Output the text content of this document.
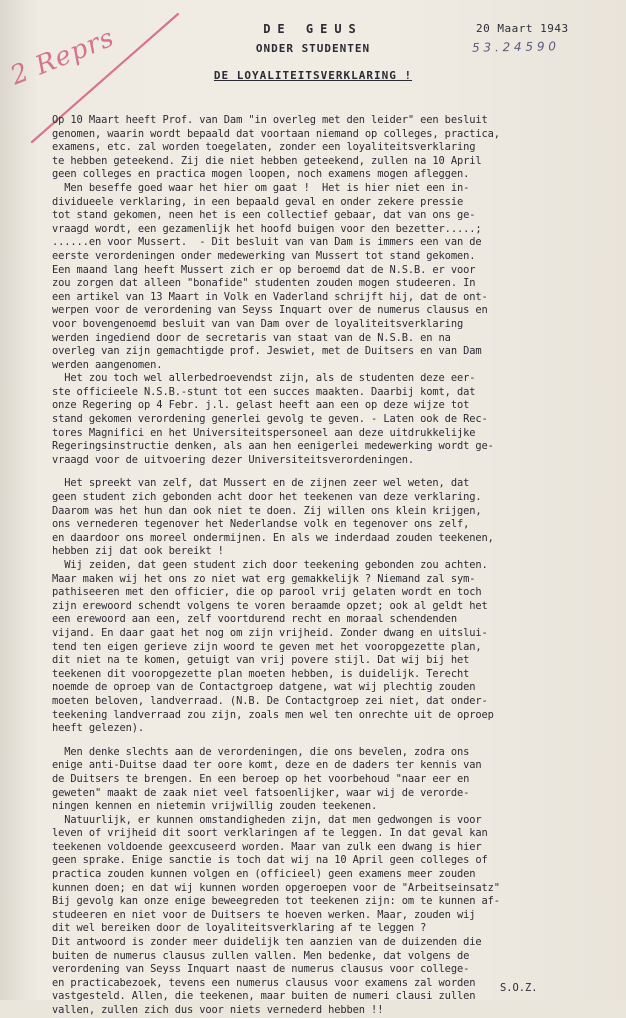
DE GEUS
ONDER STUDENTEN
DE LOYALITEITSVERKLARING !
20 Maart 1943
5 3 . 2 4 5 9 0
2 Reprs
Op 10 Maart heeft Prof. van Dam "in overleg met den leider" een besluit
genomen, waarin wordt bepaald dat voortaan niemand op colleges, practica,
examens, etc. zal worden toegelaten, zonder een loyaliteitsverklaring
te hebben geteekend. Zij die niet hebben geteekend, zullen na 10 April
geen colleges en practica mogen loopen, noch examens mogen afleggen.
Men beseffe goed waar het hier om gaat !  Het is hier niet een in-
dividueele verklaring, in een bepaald geval en onder zekere pressie
tot stand gekomen, neen het is een collectief gebaar, dat van ons ge-
vraagd wordt, een gezamenlijk het hoofd buigen voor den bezetter.....;
......en voor Mussert.  - Dit besluit van van Dam is immers een van de
eerste verordeningen onder medewerking van Mussert tot stand gekomen.
Een maand lang heeft Mussert zich er op beroemd dat de N.S.B. er voor
zou zorgen dat alleen "bonafide" studenten zouden mogen studeeren. In
een artikel van 13 Maart in Volk en Vaderland schrijft hij, dat de ont-
werpen voor de verordening van Seyss Inquart over de numerus clausus en
voor bovengenoemd besluit van van Dam over de loyaliteitsverklaring
werden ingediend door de secretaris van staat van de N.S.B. en na
overleg van zijn gemachtigde prof. Jeswiet, met de Duitsers en van Dam
werden aangenomen.
Het zou toch wel allerbedroevendst zijn, als de studenten deze eer-
ste officieele N.S.B.-stunt tot een succes maakten. Daarbij komt, dat
onze Regering op 4 Febr. j.l. gelast heeft aan een op deze wijze tot
stand gekomen verordening generlei gevolg te geven. - Laten ook de Rec-
tores Magnifici en het Universiteitspersoneel aan deze uitdrukkelijke
Regeringsinstructie denken, als aan hen eenigerlei medewerking wordt ge-
vraagd voor de uitvoering dezer Universiteitsverordeningen.
Het spreekt van zelf, dat Mussert en de zijnen zeer wel weten, dat
geen student zich gebonden acht door het teekenen van deze verklaring.
Daarom was het hun dan ook niet te doen. Zij willen ons klein krijgen,
ons vernederen tegenover het Nederlandse volk en tegenover ons zelf,
en daardoor ons moreel ondermijnen. En als we inderdaad zouden teekenen,
hebben zij dat ook bereikt !
Wij zeiden, dat geen student zich door teekening gebonden zou achten.
Maar maken wij het ons zo niet wat erg gemakkelijk ? Niemand zal sym-
pathiseeren met den officier, die op parool vrij gelaten wordt en toch
zijn erewoord schendt volgens te voren beraamde opzet; ook al geldt het
een erewoord aan een, zelf voortdurend recht en moraal schendenden
vijand. En daar gaat het nog om zijn vrijheid. Zonder dwang en uitslui-
tend ten eigen gerieve zijn woord te geven met het vooropgezette plan,
dit niet na te komen, getuigt van vrij povere stijl. Dat wij bij het
teekenen dit vooropgezette plan moeten hebben, is duidelijk. Terecht
noemde de oproep van de Contactgroep datgene, wat wij plechtig zouden
moeten beloven, landverraad. (N.B. De Contactgroep zei niet, dat onder-
teekening landverraad zou zijn, zoals men wel ten onrechte uit de oproep
heeft gelezen).
Men denke slechts aan de verordeningen, die ons bevelen, zodra ons
enige anti-Duitse daad ter oore komt, deze en de daders ter kennis van
de Duitsers te brengen. En een beroep op het voorbehoud "naar eer en
geweten" maakt de zaak niet veel fatsoenlijker, waar wij de verorde-
ningen kennen en nietemin vrijwillig zouden teekenen.
Natuurlijk, er kunnen omstandigheden zijn, dat men gedwongen is voor
leven of vrijheid dit soort verklaringen af te leggen. In dat geval kan
teekenen voldoende geexcuseerd worden. Maar van zulk een dwang is hier
geen sprake. Enige sanctie is toch dat wij na 10 April geen colleges of
practica zouden kunnen volgen en (officieel) geen examens meer zouden
kunnen doen; en dat wij kunnen worden opgeroepen voor de "Arbeitseinsatz"
Bij gevolg kan onze enige beweegreden tot teekenen zijn: om te kunnen af-
studeeren en niet voor de Duitsers te hoeven werken. Maar, zouden wij
dit wel bereiken door de loyaliteitsverklaring af te leggen ?
Dit antwoord is zonder meer duidelijk ten aanzien van de duizenden die
buiten de numerus clausus zullen vallen. Men bedenke, dat volgens de
verordening van Seyss Inquart naast de numerus clausus voor college-
en practicabezoek, tevens een numerus clausus voor examens zal worden
vastgesteld. Allen, die teekenen, maar buiten de numeri clausi zullen
vallen, zullen zich dus voor niets vernederd hebben !!
S.O.Z.
